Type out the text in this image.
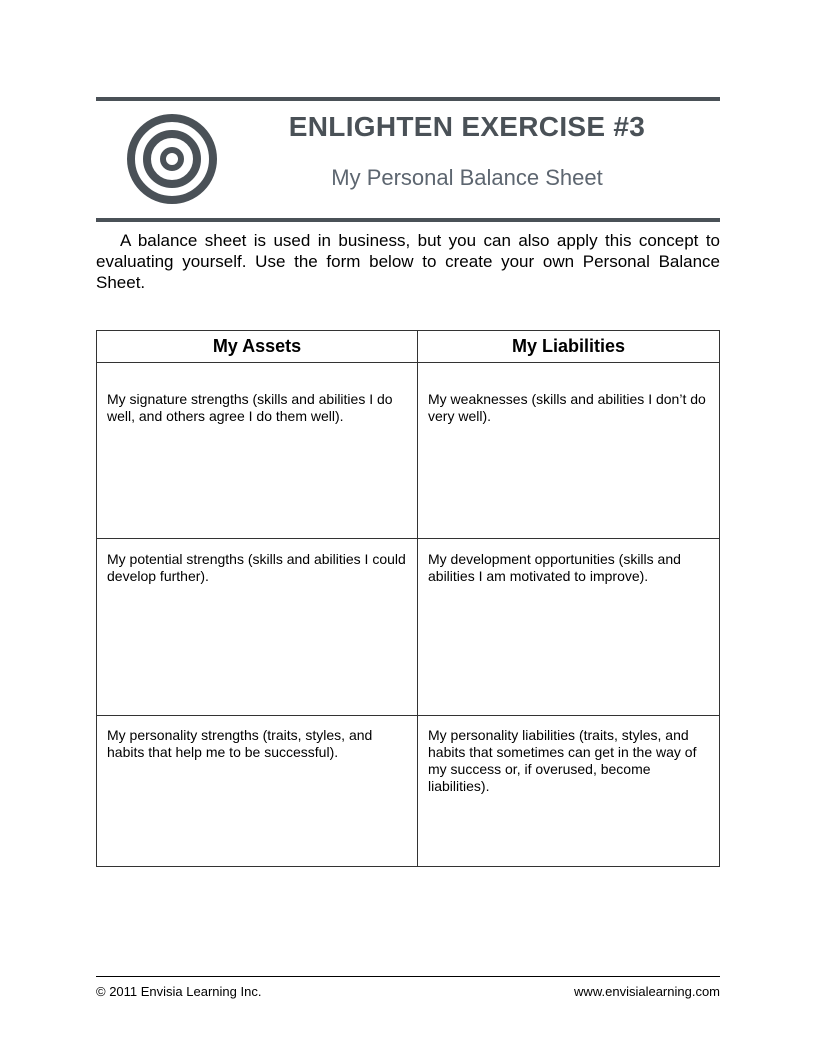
ENLIGHTEN EXERCISE #3
My Personal Balance Sheet
A balance sheet is used in business, but you can also apply this concept to evaluating yourself. Use the form below to create your own Personal Balance Sheet.
My Assets	My Liabilities
My signature strengths (skills and abilities I do well, and others agree I do them well).	My weaknesses (skills and abilities I don’t do very well).
My potential strengths (skills and abilities I could develop further).	My development opportunities (skills and abilities I am motivated to improve).
My personality strengths (traits, styles, and habits that help me to be successful).	My personality liabilities (traits, styles, and habits that sometimes can get in the way of my success or, if overused, become liabilities).
© 2011 Envisia Learning Inc.	www.envisialearning.com
